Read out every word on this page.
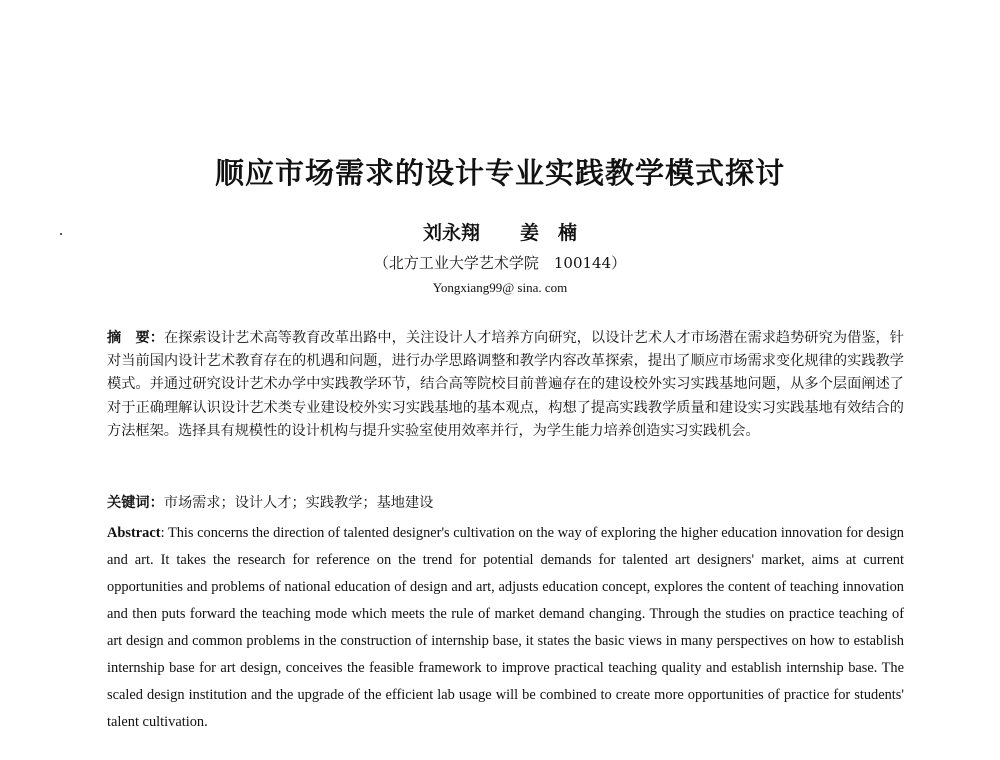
顺应市场需求的设计专业实践教学模式探讨
刘永翔 姜　楠
（北方工业大学艺术学院　100144）
Yongxiang99@ sina. com

摘　要：在探索设计艺术高等教育改革出路中，关注设计人才培养方向研究，以设计艺术人才市场潜在需求趋势研究为借鉴，针对当前国内设计艺术教育存在的机遇和问题，进行办学思路调整和教学内容改革探索，提出了顺应市场需求变化规律的实践教学模式。并通过研究设计艺术办学中实践教学环节，结合高等院校目前普遍存在的建设校外实习实践基地问题，从多个层面阐述了对于正确理解认识设计艺术类专业建设校外实习实践基地的基本观点，构想了提高实践教学质量和建设实习实践基地有效结合的方法框架。选择具有规模性的设计机构与提升实验室使用效率并行，为学生能力培养创造实习实践机会。

关键词：市场需求；设计人才；实践教学；基地建设

Abstract: This concerns the direction of talented designer's cultivation on the way of exploring the higher education innovation for design and art. It takes the research for reference on the trend for potential demands for talented art designers' market, aims at current opportunities and problems of national education of design and art, adjusts education concept, explores the content of teaching innovation and then puts forward the teaching mode which meets the rule of market demand changing. Through the studies on practice teaching of art design and common problems in the construction of internship base, it states the basic views in many perspectives on how to establish internship base for art design, conceives the feasible framework to improve practical teaching quality and establish internship base. The scaled design institution and the upgrade of the efficient lab usage will be combined to create more opportunities of practice for students' talent cultivation.
